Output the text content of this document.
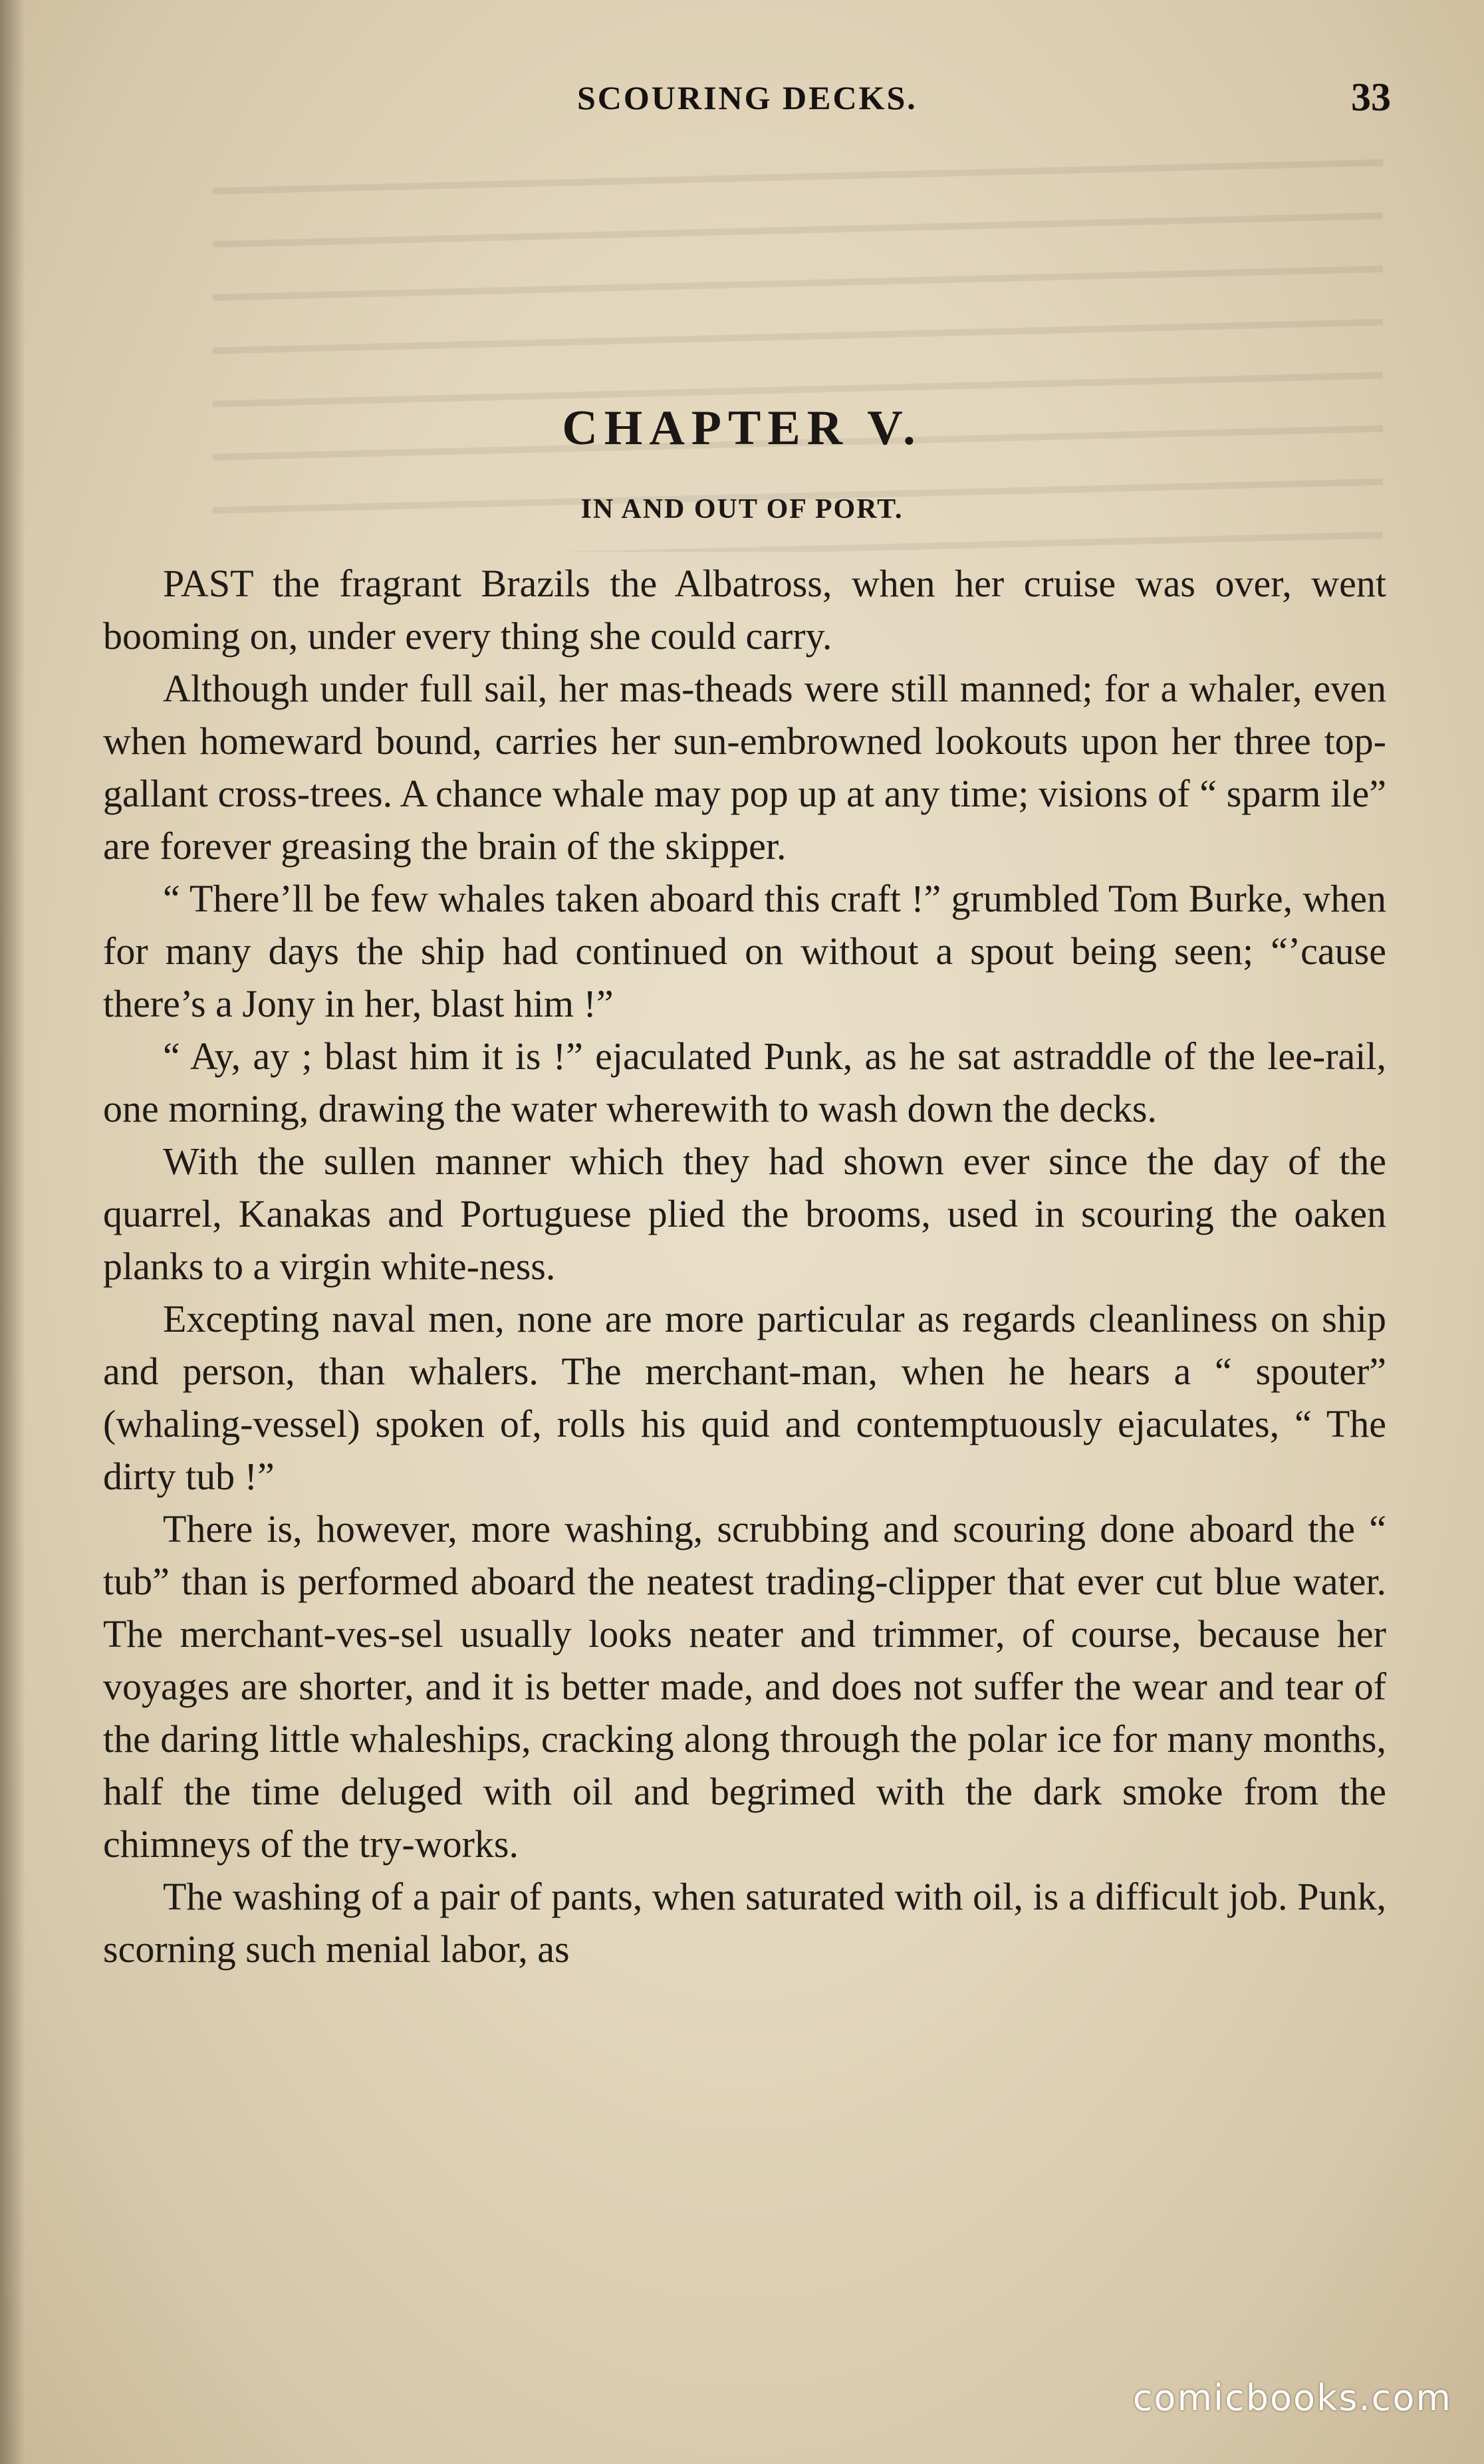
SCOURING DECKS.	33
CHAPTER V.
IN AND OUT OF PORT.

PAST the fragrant Brazils the Albatross, when her cruise was over, went booming on, under every thing she could carry.

Although under full sail, her mas-theads were still manned; for a whaler, even when homeward bound, carries her sun-embrowned lookouts upon her three top-gallant cross-trees. A chance whale may pop up at any time; visions of “ sparm ile” are forever greasing the brain of the skipper.

“ There’ll be few whales taken aboard this craft !” grumbled Tom Burke, when for many days the ship had continued on without a spout being seen; “’cause there’s a Jony in her, blast him !”

“ Ay, ay ; blast him it is !” ejaculated Punk, as he sat astraddle of the lee-rail, one morning, drawing the water wherewith to wash down the decks.

With the sullen manner which they had shown ever since the day of the quarrel, Kanakas and Portuguese plied the brooms, used in scouring the oaken planks to a virgin white-ness.

Excepting naval men, none are more particular as regards cleanliness on ship and person, than whalers. The merchant-man, when he hears a “ spouter” (whaling-vessel) spoken of, rolls his quid and contemptuously ejaculates, “ The dirty tub !”

There is, however, more washing, scrubbing and scouring done aboard the “ tub” than is performed aboard the neatest trading-clipper that ever cut blue water. The merchant-ves-sel usually looks neater and trimmer, of course, because her voyages are shorter, and it is better made, and does not suffer the wear and tear of the daring little whaleships, cracking along through the polar ice for many months, half the time deluged with oil and begrimed with the dark smoke from the chimneys of the try-works.

The washing of a pair of pants, when saturated with oil, is a difficult job. Punk, scorning such menial labor, as

comicbooks.com
